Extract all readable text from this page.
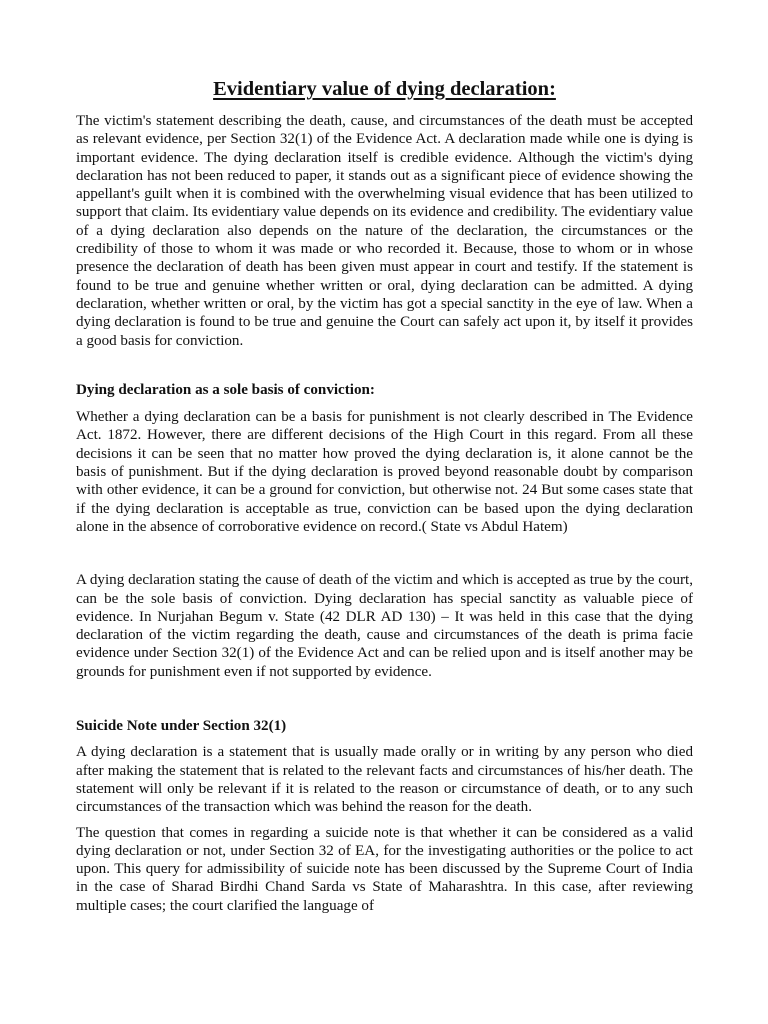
Evidentiary value of dying declaration:

The victim's statement describing the death, cause, and circumstances of the death must be accepted as relevant evidence, per Section 32(1) of the Evidence Act. A declaration made while one is dying is important evidence. The dying declaration itself is credible evidence. Although the victim's dying declaration has not been reduced to paper, it stands out as a significant piece of evidence showing the appellant's guilt when it is combined with the overwhelming visual evidence that has been utilized to support that claim. Its evidentiary value depends on its evidence and credibility. The evidentiary value of a dying declaration also depends on the nature of the declaration, the circumstances or the credibility of those to whom it was made or who recorded it. Because, those to whom or in whose presence the declaration of death has been given must appear in court and testify. If the statement is found to be true and genuine whether written or oral, dying declaration can be admitted. A dying declaration, whether written or oral, by the victim has got a special sanctity in the eye of law. When a dying declaration is found to be true and genuine the Court can safely act upon it, by itself it provides a good basis for conviction.

Dying declaration as a sole basis of conviction:

Whether a dying declaration can be a basis for punishment is not clearly described in The Evidence Act. 1872. However, there are different decisions of the High Court in this regard. From all these decisions it can be seen that no matter how proved the dying declaration is, it alone cannot be the basis of punishment. But if the dying declaration is proved beyond reasonable doubt by comparison with other evidence, it can be a ground for conviction, but otherwise not. 24 But some cases state that if the dying declaration is acceptable as true, conviction can be based upon the dying declaration alone in the absence of corroborative evidence on record.( State vs Abdul Hatem)

A dying declaration stating the cause of death of the victim and which is accepted as true by the court, can be the sole basis of conviction. Dying declaration has special sanctity as valuable piece of evidence. In Nurjahan Begum v. State (42 DLR AD 130) – It was held in this case that the dying declaration of the victim regarding the death, cause and circumstances of the death is prima facie evidence under Section 32(1) of the Evidence Act and can be relied upon and is itself another may be grounds for punishment even if not supported by evidence.

Suicide Note under Section 32(1)

A dying declaration is a statement that is usually made orally or in writing by any person who died after making the statement that is related to the relevant facts and circumstances of his/her death. The statement will only be relevant if it is related to the reason or circumstance of death, or to any such circumstances of the transaction which was behind the reason for the death.

The question that comes in regarding a suicide note is that whether it can be considered as a valid dying declaration or not, under Section 32 of EA, for the investigating authorities or the police to act upon. This query for admissibility of suicide note has been discussed by the Supreme Court of India in the case of Sharad Birdhi Chand Sarda vs State of Maharashtra. In this case, after reviewing multiple cases; the court clarified the language of
